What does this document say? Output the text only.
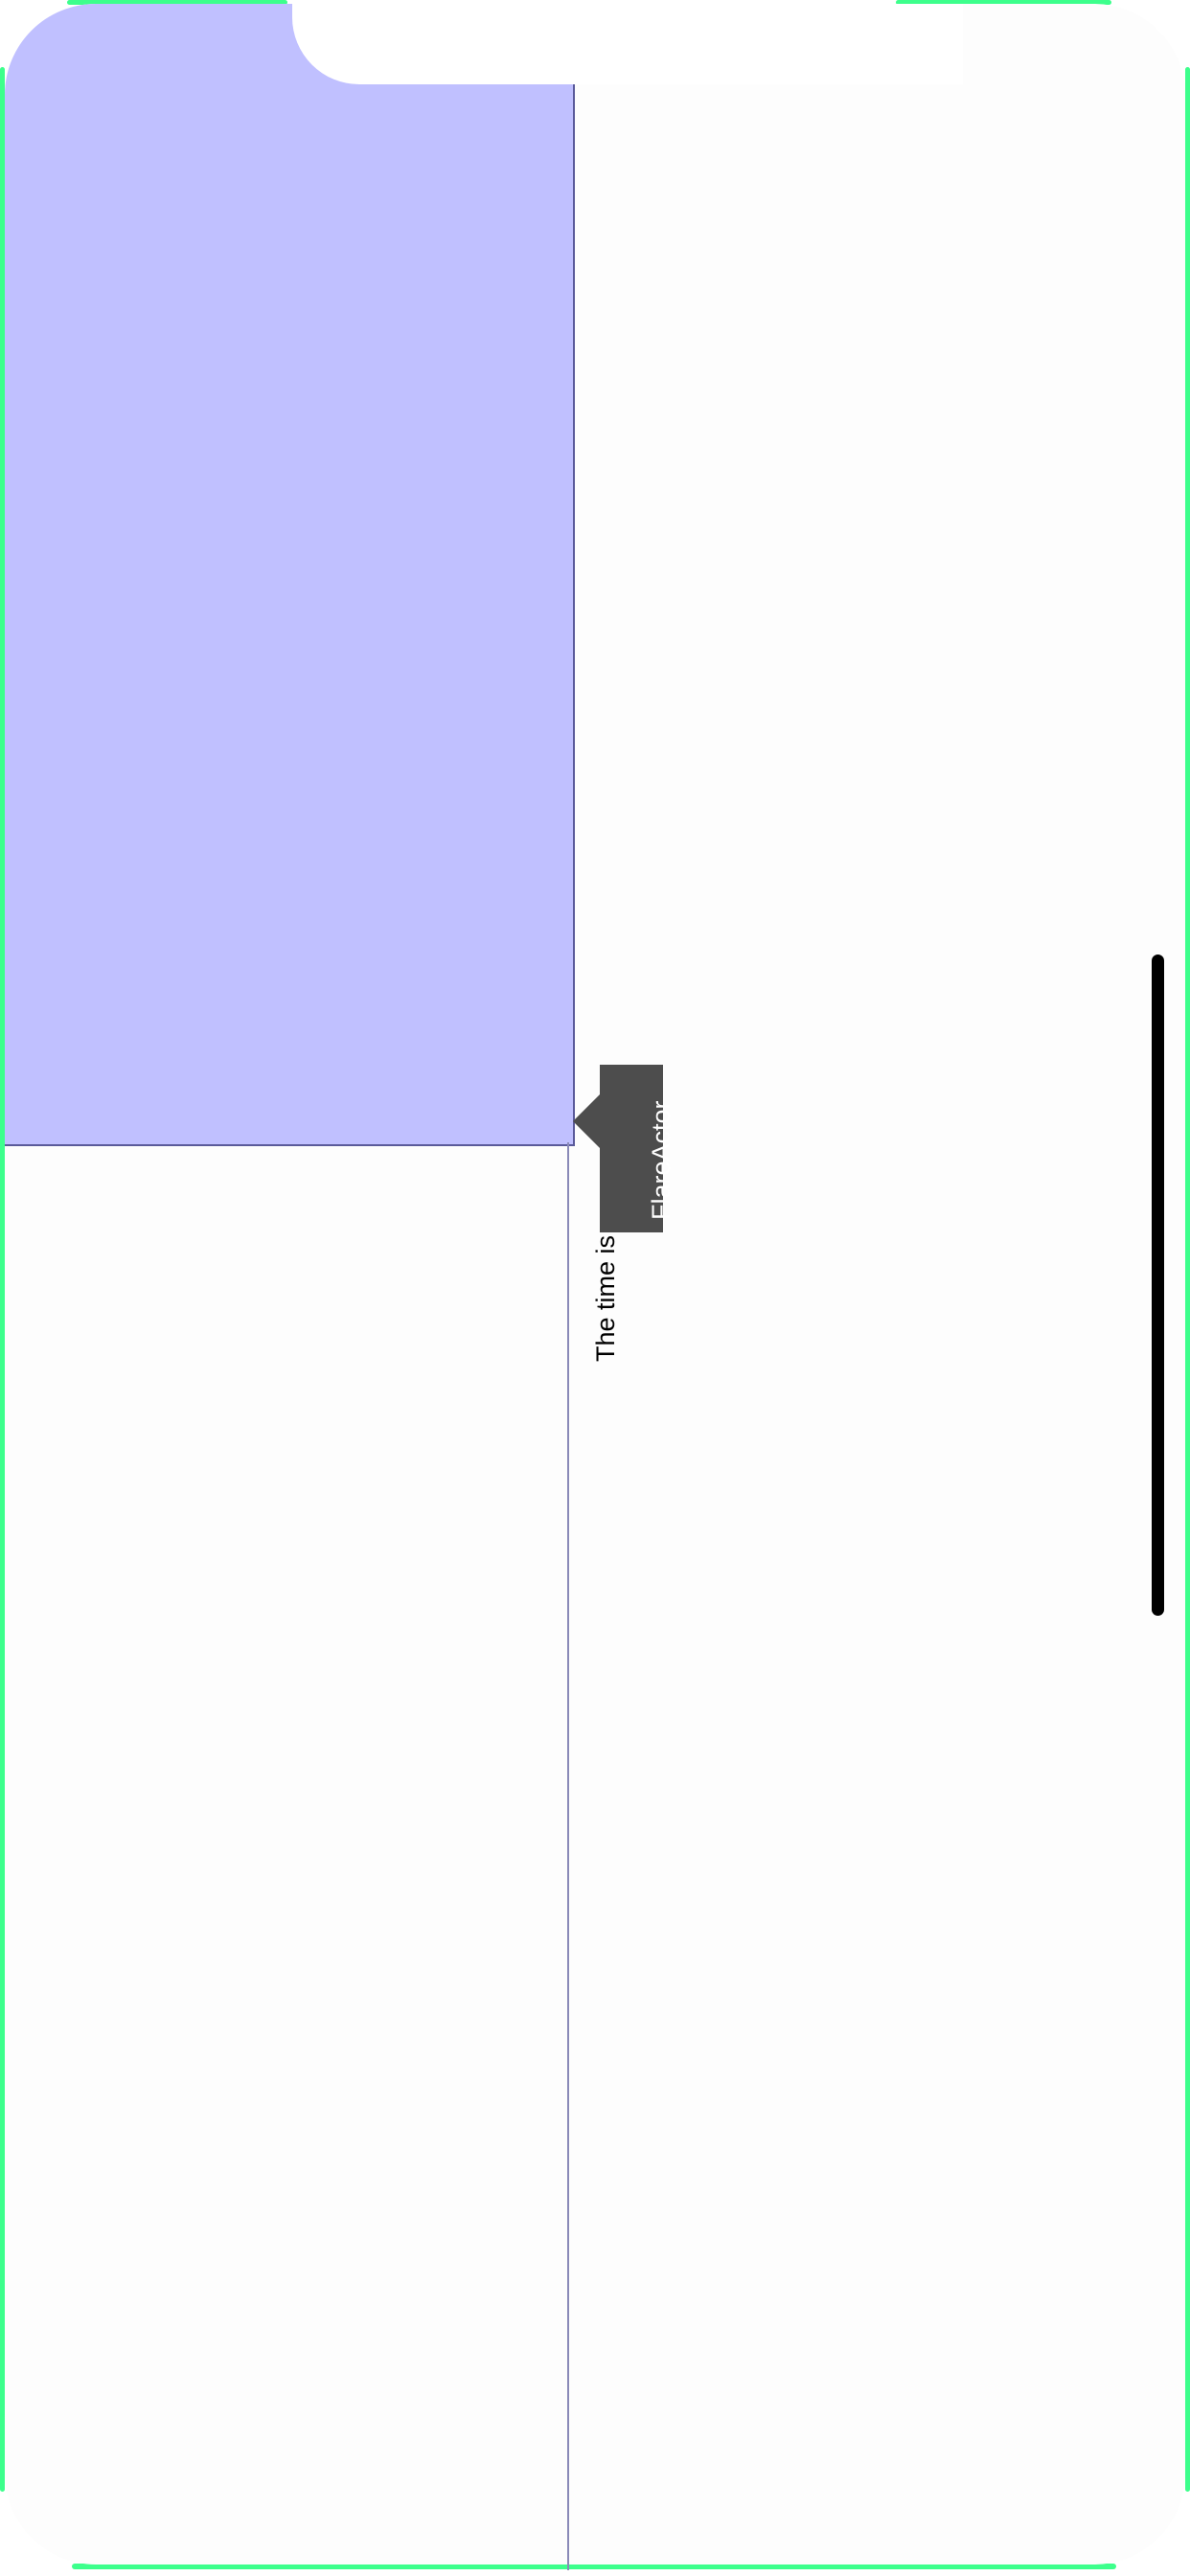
The time is
FlareActor
